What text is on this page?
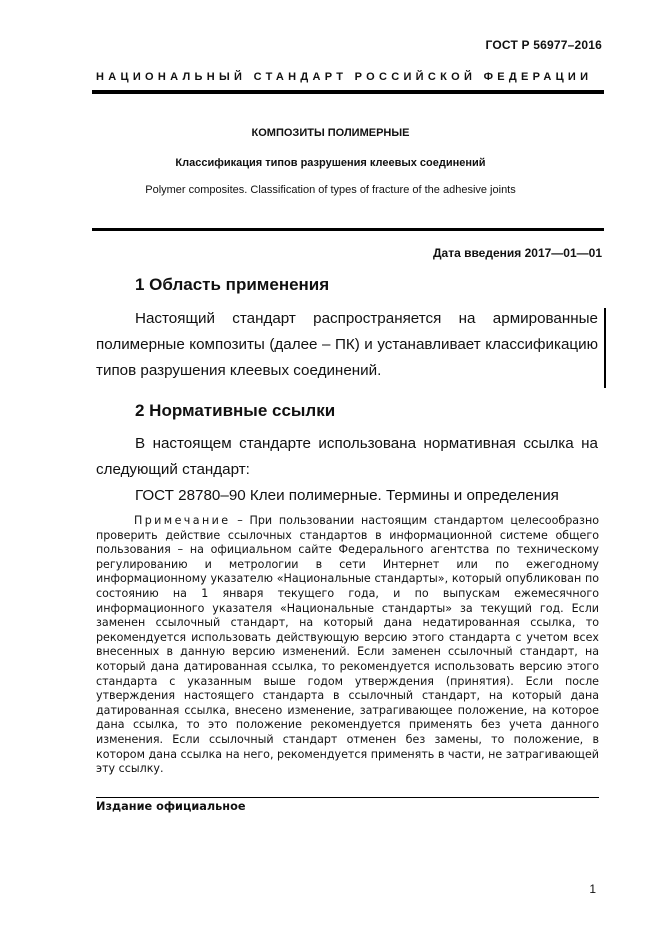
ГОСТ Р 56977–2016
НАЦИОНАЛЬНЫЙ СТАНДАРТ РОССИЙСКОЙ ФЕДЕРАЦИИ
КОМПОЗИТЫ ПОЛИМЕРНЫЕ
Классификация типов разрушения клеевых соединений
Polymer composites. Classification of types of fracture of the adhesive joints
Дата введения 2017—01—01
1 Область применения

Настоящий стандарт распространяется на армированные полимерные композиты (далее – ПК) и устанавливает классификацию типов разрушения клеевых соединений.

2 Нормативные ссылки

В настоящем стандарте использована нормативная ссылка на следующий стандарт:

ГОСТ 28780–90 Клеи полимерные. Термины и определения

Примечание – При пользовании настоящим стандартом целесообразно проверить действие ссылочных стандартов в информационной системе общего пользования – на официальном сайте Федерального агентства по техническому регулированию и метрологии в сети Интернет или по ежегодному информационному указателю «Национальные стандарты», который опубликован по состоянию на 1 января текущего года, и по выпускам ежемесячного информационного указателя «Национальные стандарты» за текущий год. Если заменен ссылочный стандарт, на который дана недатированная ссылка, то рекомендуется использовать действующую версию этого стандарта с учетом всех внесенных в данную версию изменений. Если заменен ссылочный стандарт, на который дана датированная ссылка, то рекомендуется использовать версию этого стандарта с указанным выше годом утверждения (принятия). Если после утверждения настоящего стандарта в ссылочный стандарт, на который дана датированная ссылка, внесено изменение, затрагивающее положение, на которое дана ссылка, то это положение рекомендуется применять без учета данного изменения. Если ссылочный стандарт отменен без замены, то положение, в котором дана ссылка на него, рекомендуется применять в части, не затрагивающей эту ссылку.

Издание официальное
1
